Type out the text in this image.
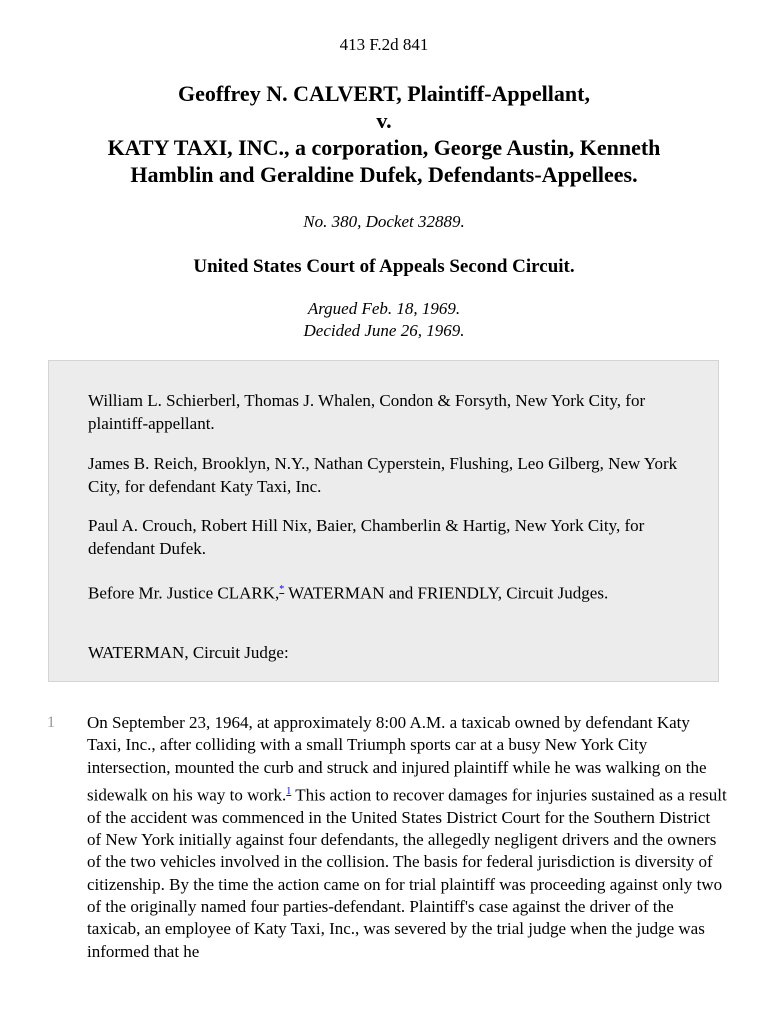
413 F.2d 841
Geoffrey N. CALVERT, Plaintiff-Appellant,
v.
KATY TAXI, INC., a corporation, George Austin, Kenneth
Hamblin and Geraldine Dufek, Defendants-Appellees.
No. 380, Docket 32889.
United States Court of Appeals Second Circuit.
Argued Feb. 18, 1969.
Decided June 26, 1969.
William L. Schierberl, Thomas J. Whalen, Condon & Forsyth, New York City, for plaintiff-appellant.
James B. Reich, Brooklyn, N.Y., Nathan Cyperstein, Flushing, Leo Gilberg, New York City, for defendant Katy Taxi, Inc.
Paul A. Crouch, Robert Hill Nix, Baier, Chamberlin & Hartig, New York City, for defendant Dufek.
Before Mr. Justice CLARK,* WATERMAN and FRIENDLY, Circuit Judges.
WATERMAN, Circuit Judge:
1 On September 23, 1964, at approximately 8:00 A.M. a taxicab owned by defendant Katy Taxi, Inc., after colliding with a small Triumph sports car at a busy New York City intersection, mounted the curb and struck and injured plaintiff while he was walking on the sidewalk on his way to work.$^1$ This action to recover damages for injuries sustained as a result of the accident was commenced in the United States District Court for the Southern District of New York initially against four defendants, the allegedly negligent drivers and the owners of the two vehicles involved in the collision. The basis for federal jurisdiction is diversity of citizenship. By the time the action came on for trial plaintiff was proceeding against only two of the originally named four parties-defendant. Plaintiff's case against the driver of the taxicab, an employee of Katy Taxi, Inc., was severed by the trial judge when the judge was informed that he
